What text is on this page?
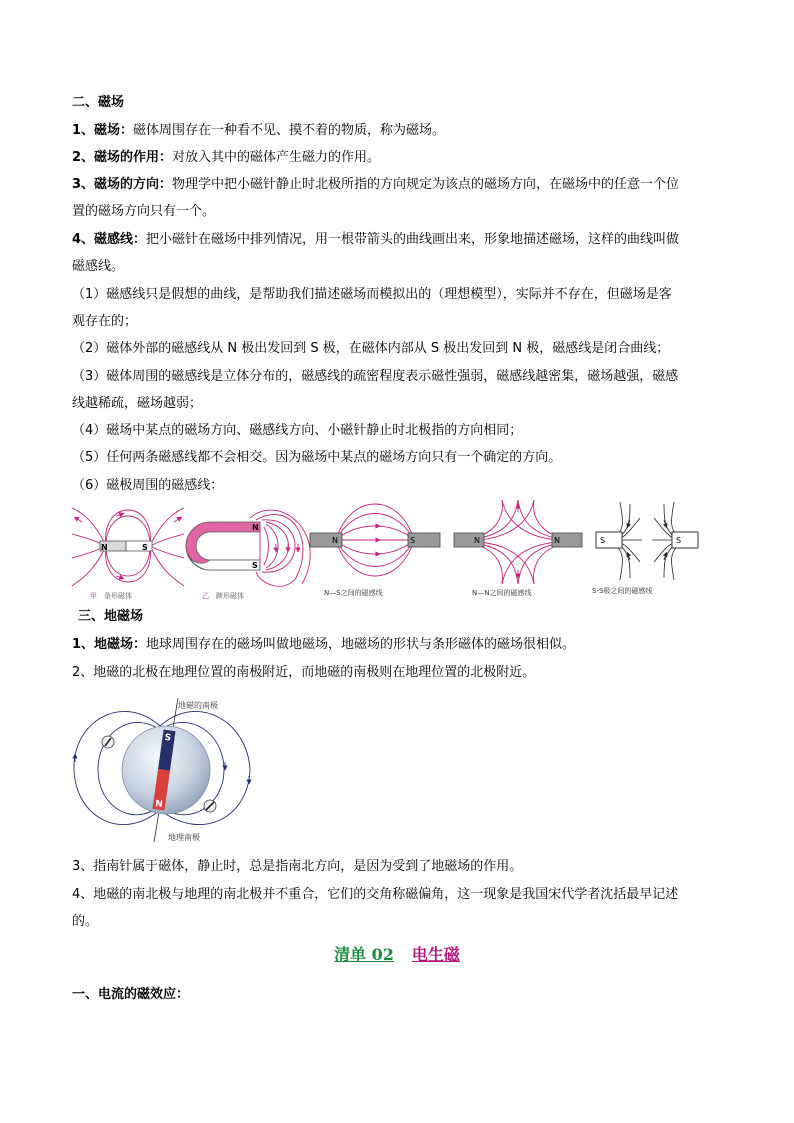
二、磁场
1、磁场：磁体周围存在一种看不见、摸不着的物质，称为磁场。
2、磁场的作用：对放入其中的磁体产生磁力的作用。
3、磁场的方向：物理学中把小磁针静止时北极所指的方向规定为该点的磁场方向，在磁场中的任意一个位
置的磁场方向只有一个。
4、磁感线：把小磁针在磁场中排列情况，用一根带箭头的曲线画出来，形象地描述磁场，这样的曲线叫做
磁感线。
（1）磁感线只是假想的曲线，是帮助我们描述磁场而模拟出的（理想模型），实际并不存在，但磁场是客
观存在的；
（2）磁体外部的磁感线从 N 极出发回到 S 极，在磁体内部从 S 极出发回到 N 极，磁感线是闭合曲线；
（3）磁体周围的磁感线是立体分布的，磁感线的疏密程度表示磁性强弱，磁感线越密集，磁场越强，磁感
线越稀疏，磁场越弱；
（4）磁场中某点的磁场方向、磁感线方向、小磁针静止时北极指的方向相同；
（5）任何两条磁感线都不会相交。因为磁场中某点的磁场方向只有一个确定的方向。
（6）磁极周围的磁感线：
N	S
甲 条形磁体
N
S
乙 蹄形磁体
N	S
N—S之间的磁感线
N	N
N—N之间的磁感线
S	S
S-S极之间的磁感线
三、地磁场
1、地磁场：地球周围存在的磁场叫做地磁场，地磁场的形状与条形磁体的磁场很相似。
2、地磁的北极在地理位置的南极附近，而地磁的南极则在地理位置的北极附近。
S
N
地磁的南极
地理南极
3、指南针属于磁体，静止时，总是指南北方向，是因为受到了地磁场的作用。
4、地磁的南北极与地理的南北极并不重合，它们的交角称磁偏角，这一现象是我国宋代学者沈括最早记述
的。
清单 02 电生磁
一、电流的磁效应：
